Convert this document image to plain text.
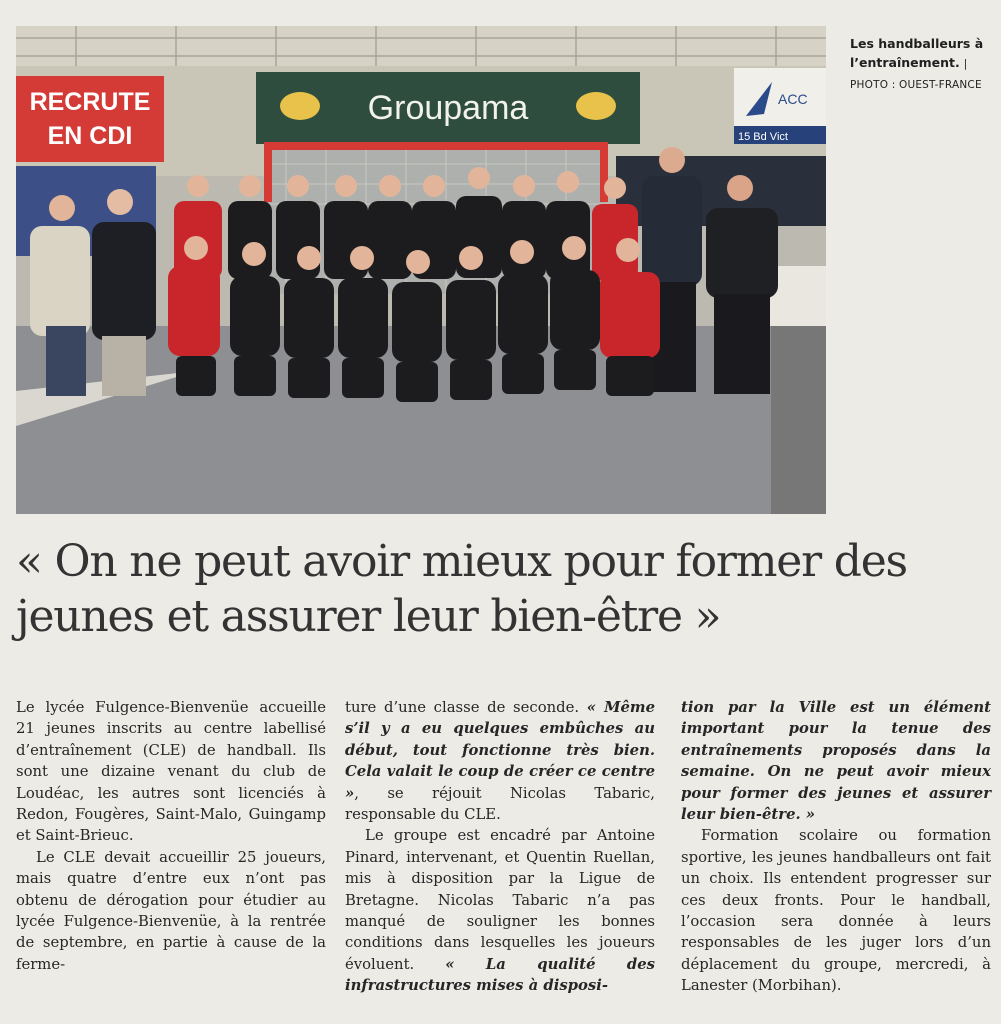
RECRUTE
EN CDI
Groupama	ACC
15 Bd Vict
Les handballeurs à l’entraînement. | PHOTO : OUEST-FRANCE
« On ne peut avoir mieux pour former des jeunes et assurer leur bien-être »

Le lycée Fulgence-Bienvenüe accueille 21 jeunes inscrits au centre labellisé d’entraînement (CLE) de handball. Ils sont une dizaine venant du club de Loudéac, les autres sont licenciés à Redon, Fougères, Saint-Malo, Guingamp et Saint-Brieuc.

Le CLE devait accueillir 25 joueurs, mais quatre d’entre eux n’ont pas obtenu de dérogation pour étudier au lycée Fulgence-Bienvenüe, à la rentrée de septembre, en partie à cause de la ferme-

ture d’une classe de seconde. « Même s’il y a eu quelques embûches au début, tout fonctionne très bien. Cela valait le coup de créer ce centre », se réjouit Nicolas Tabaric, responsable du CLE.

Le groupe est encadré par Antoine Pinard, intervenant, et Quentin Ruellan, mis à disposition par la Ligue de Bretagne. Nicolas Tabaric n’a pas manqué de souligner les bonnes conditions dans lesquelles les joueurs évoluent. « La qualité des infrastructures mises à disposi-

tion par la Ville est un élément important pour la tenue des entraînements proposés dans la semaine. On ne peut avoir mieux pour former des jeunes et assurer leur bien-être. »

Formation scolaire ou formation sportive, les jeunes handballeurs ont fait un choix. Ils entendent progresser sur ces deux fronts. Pour le handball, l’occasion sera donnée à leurs responsables de les juger lors d’un déplacement du groupe, mercredi, à Lanester (Morbihan).
